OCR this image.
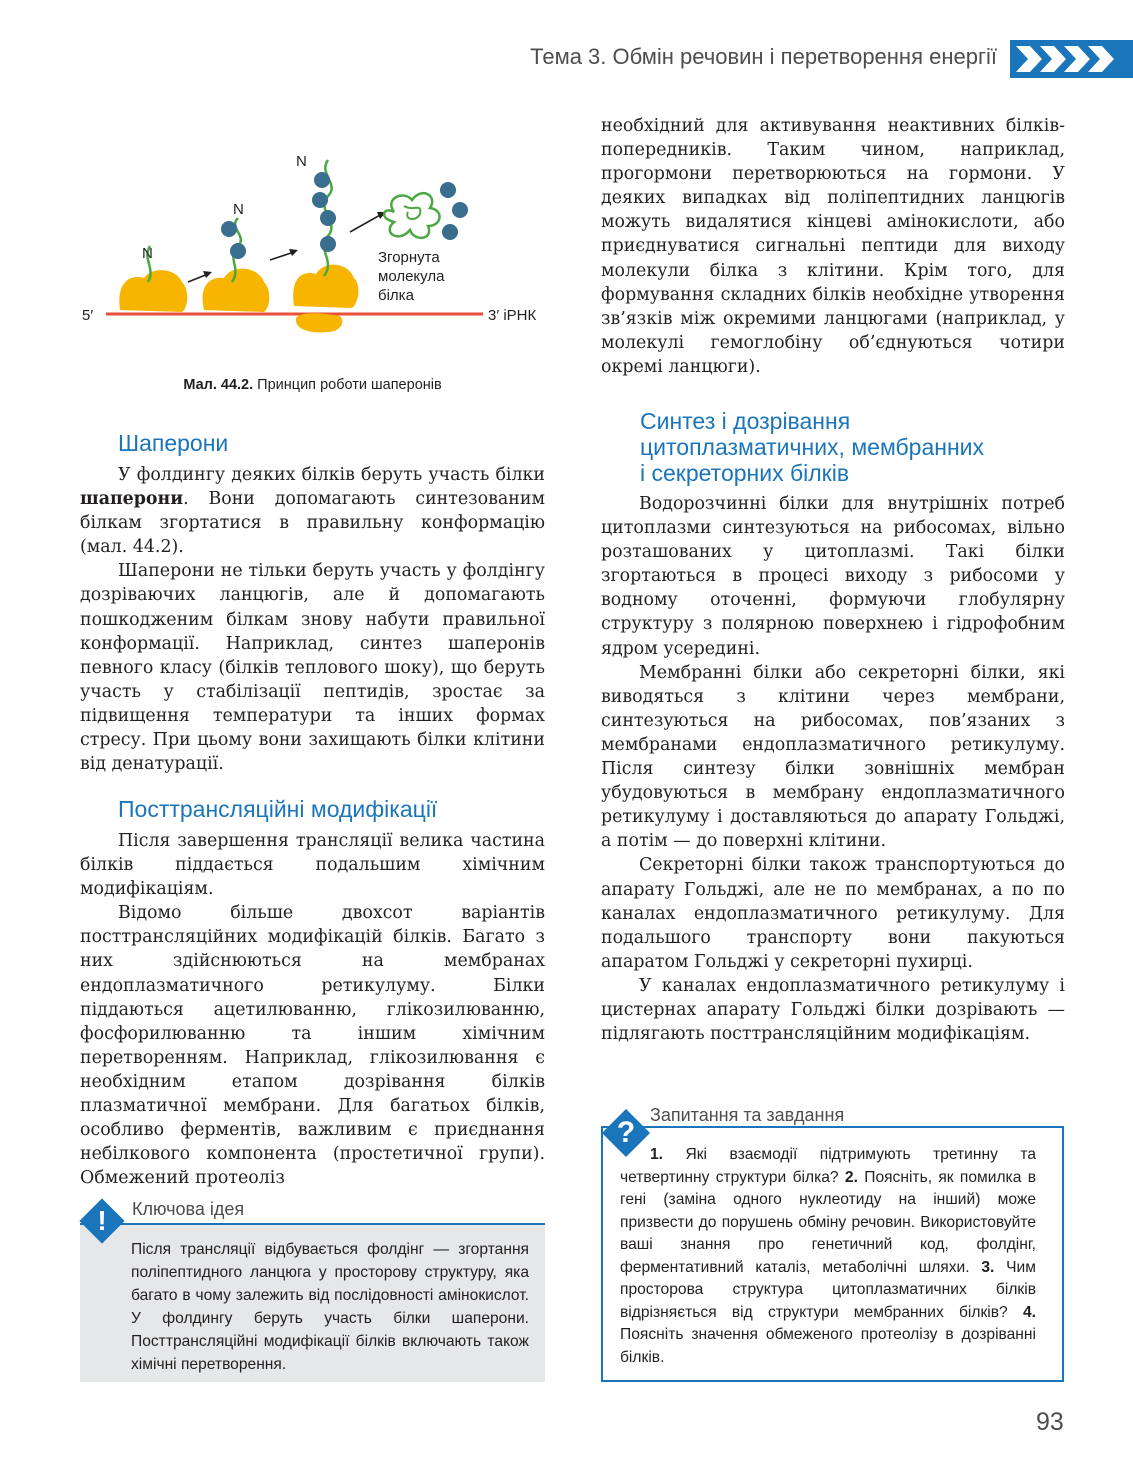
Тема 3. Обмін речовин і перетворення енергії
N
N
N
Згорнута
молекула
білка
5′	3′ іРНК
Мал. 44.2. Принцип роботи шаперонів
Шаперони

У фолдингу деяких білків беруть участь білки шаперони. Вони допомагають синтезованим білкам згортатися в правильну конформацію (мал. 44.2).

Шаперони не тільки беруть участь у фолдінгу дозріваючих ланцюгів, але й допомагають пошкодженим білкам знову набути правильної конформації. Наприклад, синтез шаперонів певного класу (білків теплового шоку), що беруть участь у стабілізації пептидів, зростає за підвищення температури та інших формах стресу. При цьому вони захищають білки клітини від денатурації.

Посттрансляційні модифікації

Після завершення трансляції велика частина білків піддається подальшим хімічним модифікаціям.

Відомо більше двохсот варіантів посттрансляційних модифікацій білків. Багато з них здійснюються на мембранах ендоплазматичного ретикулуму. Білки піддаються ацетилюванню, глікозилюванню, фосфорилюванню та іншим хімічним перетворенням. Наприклад, глікозилювання є необхідним етапом дозрівання білків плазматичної мембрани. Для багатьох білків, особливо ферментів, важливим є приєднання небілкового компонента (простетичної групи). Обмежений протеоліз

!	Ключова ідея
Після трансляції відбувається фолдінг — згортання поліпептидного ланцюга у просторову структуру, яка багато в чому залежить від послідовності амінокислот. У фолдингу беруть участь білки шаперони. Посттрансляційні модифікації білків включають також хімічні перетворення.

необхідний для активування неактивних білків-попередників. Таким чином, наприклад, прогормони перетворюються на гормони. У деяких випадках від поліпептидних ланцюгів можуть видалятися кінцеві амінокислоти, або приєднуватися сигнальні пептиди для виходу молекули білка з клітини. Крім того, для формування складних білків необхідне утворення зв’язків між окремими ланцюгами (наприклад, у молекулі гемоглобіну об’єднуються чотири окремі ланцюги).

Синтез і дозрівання
цитоплазматичних, мембранних
і секреторних білків

Водорозчинні білки для внутрішніх потреб цитоплазми синтезуються на рибосомах, вільно розташованих у цитоплазмі. Такі білки згортаються в процесі виходу з рибосоми у водному оточенні, формуючи глобулярну структуру з полярною поверхнею і гідрофобним ядром усередині.

Мембранні білки або секреторні білки, які виводяться з клітини через мембрани, синтезуються на рибосомах, пов’язаних з мембранами ендоплазматичного ретикулуму. Після синтезу білки зовнішніх мембран убудовуються в мембрану ендоплазматичного ретикулуму і доставляються до апарату Гольджі, а потім — до поверхні клітини.

Секреторні білки також транспортуються до апарату Гольджі, але не по мембранах, а по по каналах ендоплазматичного ретикулуму. Для подальшого транспорту вони пакуються апаратом Гольджі у секреторні пухирці.

У каналах ендоплазматичного ретикулуму і цистернах апарату Гольджі білки дозрівають — підлягають посттрансляційним модифікаціям.

?
Запитання та завдання
1. Які взаємодії підтримують третинну та четвертинну структури білка? 2. Поясніть, як помилка в гені (заміна одного нуклеотиду на інший) може призвести до порушень обміну речовин. Використовуйте ваші знання про генетичний код, фолдінг, ферментативний каталіз, метаболічні шляхи. 3. Чим просторова структура цитоплазматичних білків відрізняється від структури мембранних білків? 4. Поясніть значення обмеженого протеолізу в дозріванні білків.
93
